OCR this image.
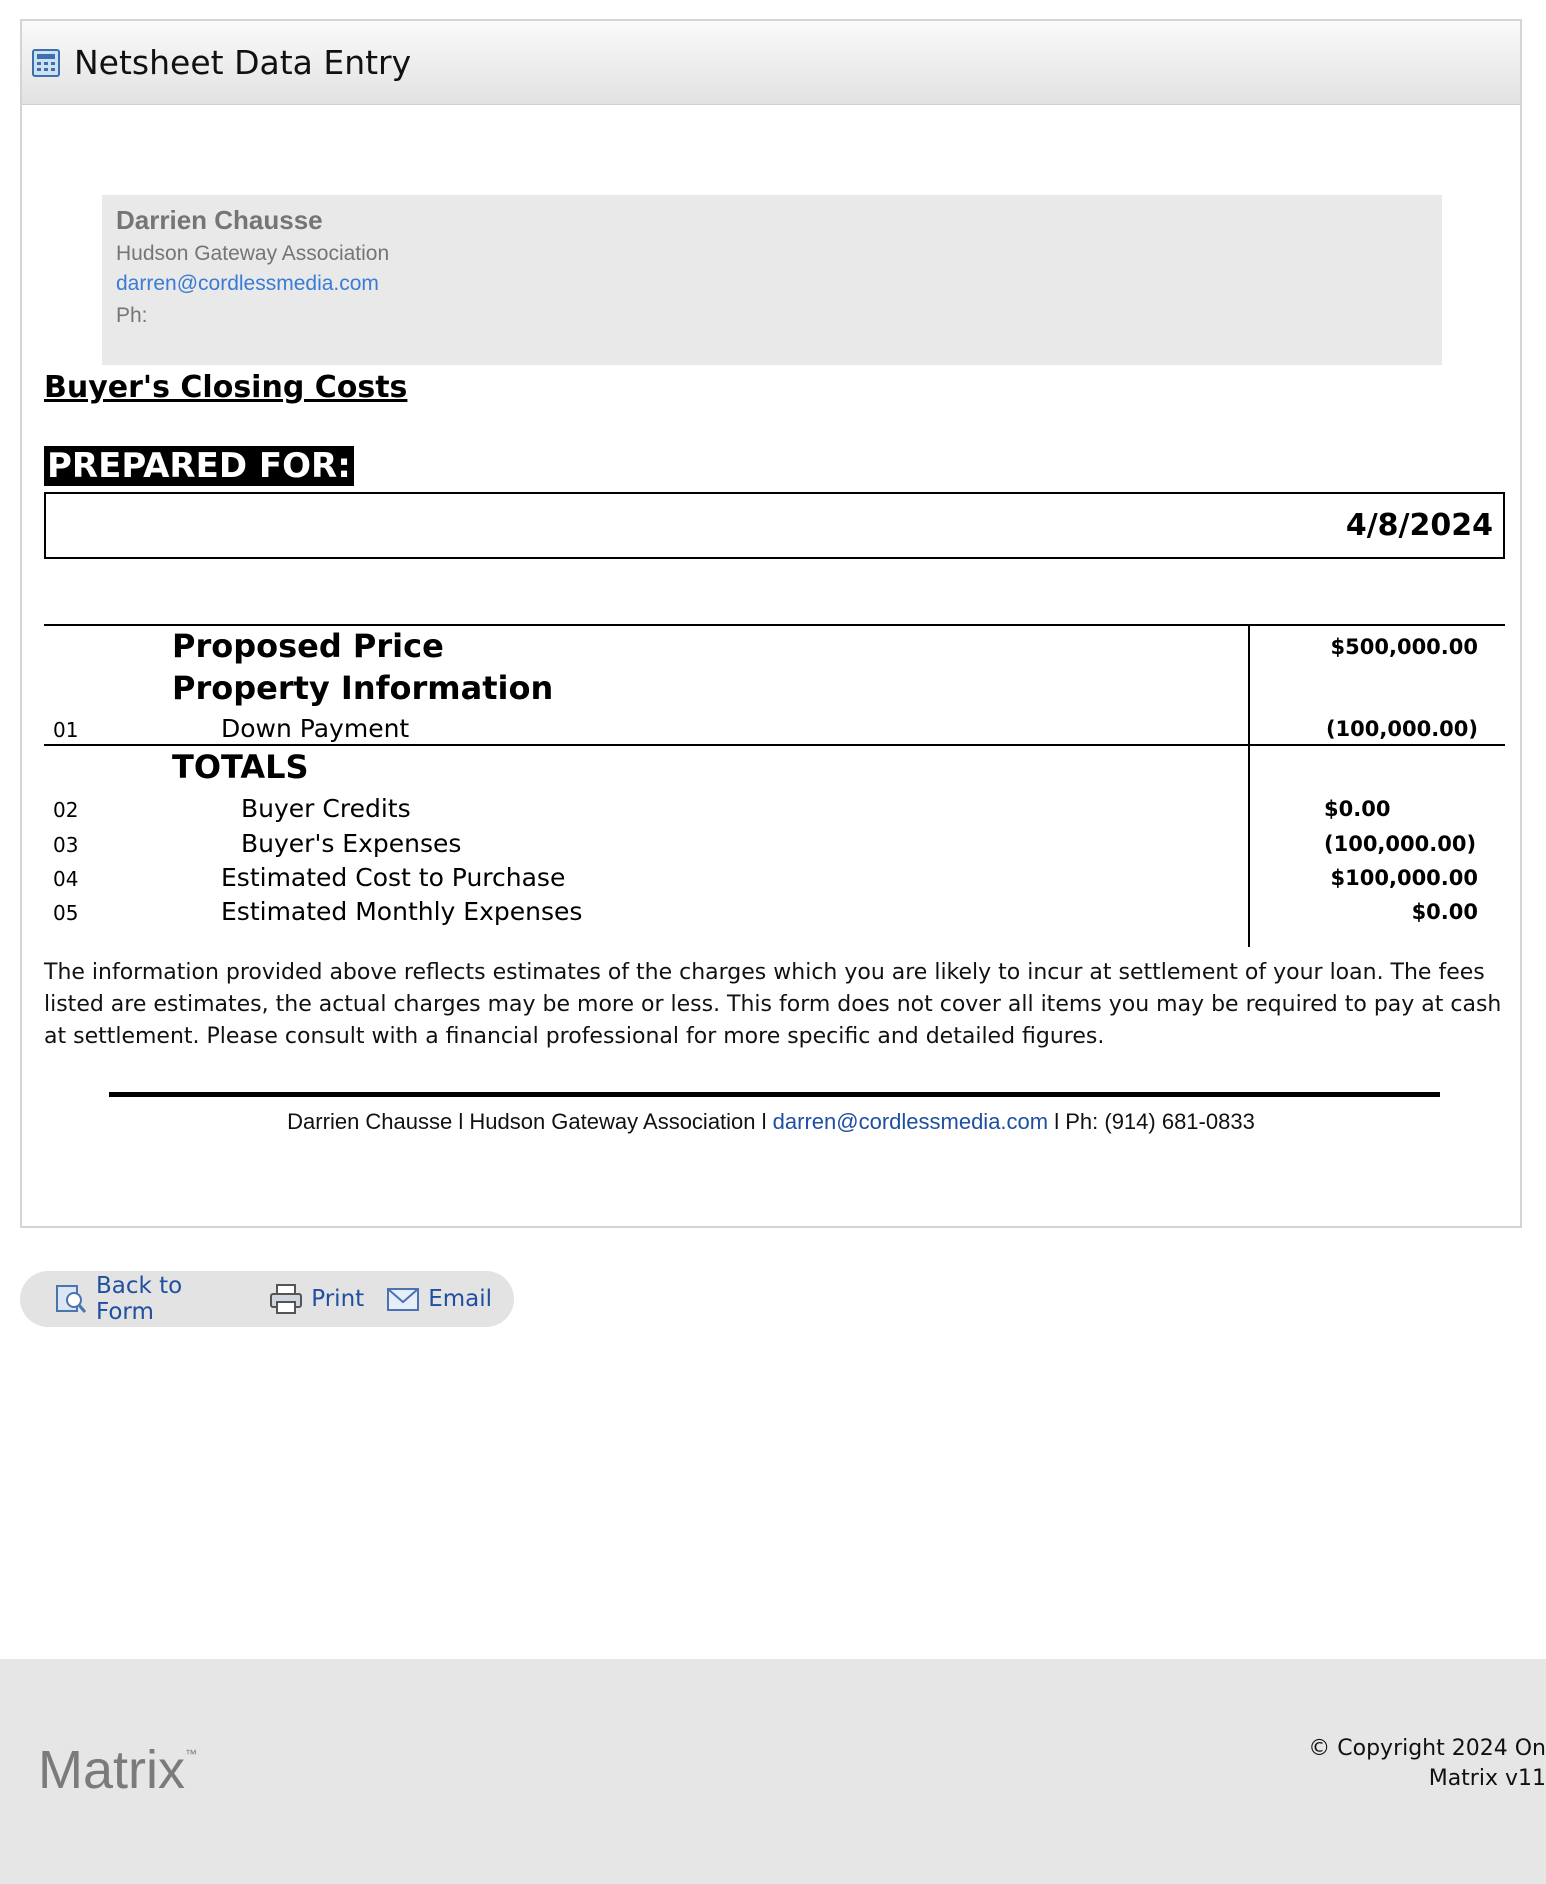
Netsheet Data Entry
Darrien Chausse
Hudson Gateway Association
darren@cordlessmedia.com
Ph:
Buyer's Closing Costs
PREPARED FOR:
4/8/2024
Proposed Price	$500,000.00
Property Information
01	Down Payment	(100,000.00)
TOTALS
02	Buyer Credits	$0.00
03	Buyer's Expenses	(100,000.00)
04	Estimated Cost to Purchase	$100,000.00
05	Estimated Monthly Expenses	$0.00
The information provided above reflects estimates of the charges which you are likely to incur at settlement of your loan. The fees listed are estimates, the actual charges may be more or less. This form does not cover all items you may be required to pay at cash at settlement. Please consult with a financial professional for more specific and detailed figures.
Darrien Chausse l Hudson Gateway Association l darren@cordlessmedia.com l Ph: (914) 681-0833
Back to Form	Print	Email
Matrix™	© Copyright 2024 On
Matrix v11
